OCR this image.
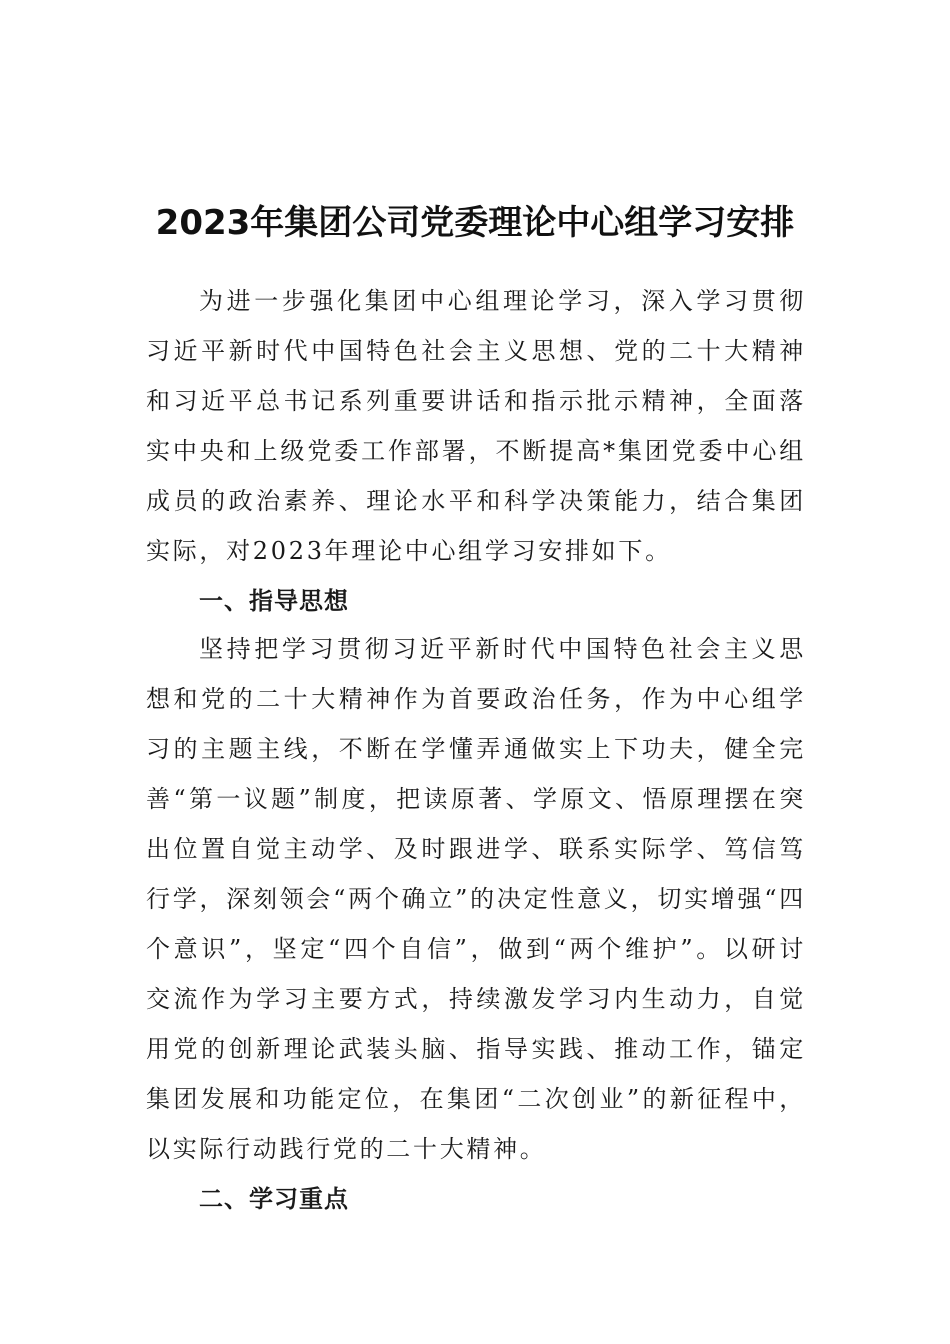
2023年集团公司党委理论中心组学习安排

为进一步强化集团中心组理论学习，深入学习贯彻习近平新时代中国特色社会主义思想、党的二十大精神和习近平总书记系列重要讲话和指示批示精神，全面落实中央和上级党委工作部署，不断提高*集团党委中心组成员的政治素养、理论水平和科学决策能力，结合集团实际，对2023年理论中心组学习安排如下。

一、指导思想

坚持把学习贯彻习近平新时代中国特色社会主义思想和党的二十大精神作为首要政治任务，作为中心组学习的主题主线，不断在学懂弄通做实上下功夫，健全完善“第一议题”制度，把读原著、学原文、悟原理摆在突出位置自觉主动学、及时跟进学、联系实际学、笃信笃行学，深刻领会“两个确立”的决定性意义，切实增强“四个意识”，坚定“四个自信”，做到“两个维护”。以研讨交流作为学习主要方式，持续激发学习内生动力，自觉用党的创新理论武装头脑、指导实践、推动工作，锚定集团发展和功能定位，在集团“二次创业”的新征程中，以实际行动践行党的二十大精神。

二、学习重点
